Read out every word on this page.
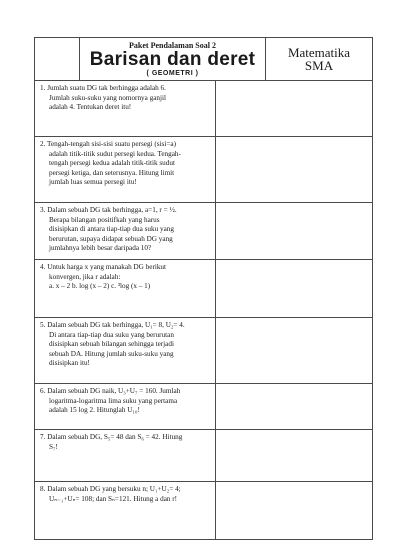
Paket Pendalaman Soal 2
Barisan dan deret
( GEOMETRI )

Matematika
SMA
1. Jumlah suatu DG tak berhingga adalah 6.
Jumlah suku-suku yang nomornya ganjil
adalah 4. Tentukan deret itu!	

2. Tengah-tengah sisi-sisi suatu persegi (sisi=a)
adalah titik-titik sudut persegi kedua. Tengah-
tengah persegi kedua adalah titik-titik sudut
persegi ketiga, dan seterusnya. Hitung limit
jumlah luas semua persegi itu!	

3. Dalam sebuah DG tak berhingga, a=1, r = ½.
Berapa bilangan positifkah yang harus
disisipkan di antara tiap-tiap dua suku yang
berurutan, supaya didapat sebuah DG yang
jumlahnya lebih besar daripada 10?	

4. Untuk harga x yang manakah DG berikut
konvergen, jika r adalah:
a. x – 2 b. log (x – 2) c. ³log (x – 1)	

5. Dalam sebuah DG tak berhingga, U₁= 8, U₂= 4.
Di antara tiap-tiap dua suku yang berurutan
disisipkan sebuah bilangan sehingga terjadi
sebuah DA. Hitung jumlah suku-suku yang
disisipkan itu!	

6. Dalam sebuah DG naik, U₃+U₇ = 160. Jumlah
logaritma-logaritma lima suku yang pertama
adalah 15 log 2. Hitunglah U₁₀!	

7. Dalam sebuah DG, S₅= 48 dan S₆ = 42. Hitung
S₇!	

8. Dalam sebuah DG yang bersuku n; U₁+U₂= 4;
Uₙ₋₁+Uₙ= 108; dan Sₙ=121. Hitung a dan r!	
